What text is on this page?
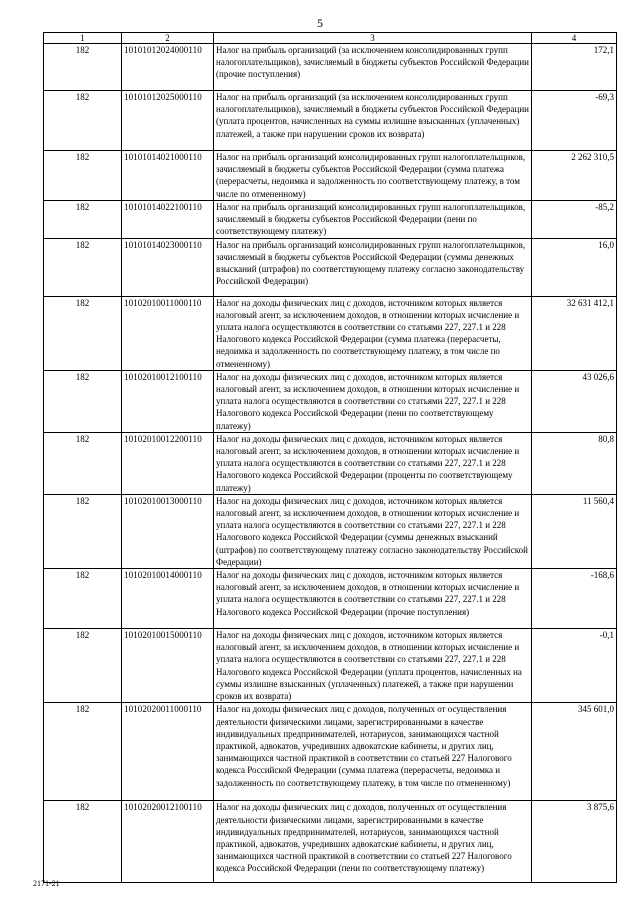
5
1	2	3	4
182	10101012024000110	Налог на прибыль организаций (за исключением консолидированных групп налогоплательщиков), зачисляемый в бюджеты субъектов Российской Федерации (прочие поступления)	172,1
182	10101012025000110	Налог на прибыль организаций (за исключением консолидированных групп налогоплательщиков), зачисляемый в бюджеты субъектов Российской Федерации (уплата процентов, начисленных на суммы излишне взысканных (уплаченных) платежей, а также при нарушении сроков их возврата)	-69,3
182	10101014021000110	Налог на прибыль организаций консолидированных групп налогоплательщиков, зачисляемый в бюджеты субъектов Российской Федерации (сумма платежа (перерасчеты, недоимка и задолженность по соответствующему платежу, в том числе по отмененному)	2 262 310,5
182	10101014022100110	Налог на прибыль организаций консолидированных групп налогоплательщиков, зачисляемый в бюджеты субъектов Российской Федерации (пени по соответствующему платежу)	-85,2
182	10101014023000110	Налог на прибыль организаций консолидированных групп налогоплательщиков, зачисляемый в бюджеты субъектов Российской Федерации (суммы денежных взысканий (штрафов) по соответствующему платежу согласно законодательству Российской Федерации)	16,0
182	10102010011000110	Налог на доходы физических лиц с доходов, источником которых является налоговый агент, за исключением доходов, в отношении которых исчисление и уплата налога осуществляются в соответствии со статьями 227, 227.1 и 228 Налогового кодекса Российской Федерации (сумма платежа (перерасчеты, недоимка и задолженность по соответствующему платежу, в том числе по отмененному)	32 631 412,1
182	10102010012100110	Налог на доходы физических лиц с доходов, источником которых является налоговый агент, за исключением доходов, в отношении которых исчисление и уплата налога осуществляются в соответствии со статьями 227, 227.1 и 228 Налогового кодекса Российской Федерации (пени по соответствующему платежу)	43 026,6
182	10102010012200110	Налог на доходы физических лиц с доходов, источником которых является налоговый агент, за исключением доходов, в отношении которых исчисление и уплата налога осуществляются в соответствии со статьями 227, 227.1 и 228 Налогового кодекса Российской Федерации (проценты по соответствующему платежу)	80,8
182	10102010013000110	Налог на доходы физических лиц с доходов, источником которых является налоговый агент, за исключением доходов, в отношении которых исчисление и уплата налога осуществляются в соответствии со статьями 227, 227.1 и 228 Налогового кодекса Российской Федерации (суммы денежных взысканий (штрафов) по соответствующему платежу согласно законодательству Российской Федерации)	11 560,4
182	10102010014000110	Налог на доходы физических лиц с доходов, источником которых является налоговый агент, за исключением доходов, в отношении которых исчисление и уплата налога осуществляются в соответствии со статьями 227, 227.1 и 228 Налогового кодекса Российской Федерации (прочие поступления)	-168,6
182	10102010015000110	Налог на доходы физических лиц с доходов, источником которых является налоговый агент, за исключением доходов, в отношении которых исчисление и уплата налога осуществляются в соответствии со статьями 227, 227.1 и 228 Налогового кодекса Российской Федерации (уплата процентов, начисленных на суммы излишне взысканных (уплаченных) платежей, а также при нарушении сроков их возврата)	-0,1
182	10102020011000110	Налог на доходы физических лиц с доходов, полученных от осуществления деятельности физическими лицами, зарегистрированными в качестве индивидуальных предпринимателей, нотариусов, занимающихся частной практикой, адвокатов, учредивших адвокатские кабинеты, и других лиц, занимающихся частной практикой в соответствии со статьей 227 Налогового кодекса Российской Федерации (сумма платежа (перерасчеты, недоимка и задолженность по соответствующему платежу, в том числе по отмененному)	345 601,0
182	10102020012100110	Налог на доходы физических лиц с доходов, полученных от осуществления деятельности физическими лицами, зарегистрированными в качестве индивидуальных предпринимателей, нотариусов, занимающихся частной практикой, адвокатов, учредивших адвокатские кабинеты, и других лиц, занимающихся частной практикой в соответствии со статьей 227 Налогового кодекса Российской Федерации (пени по соответствующему платежу)	3 875,6
2171-21
